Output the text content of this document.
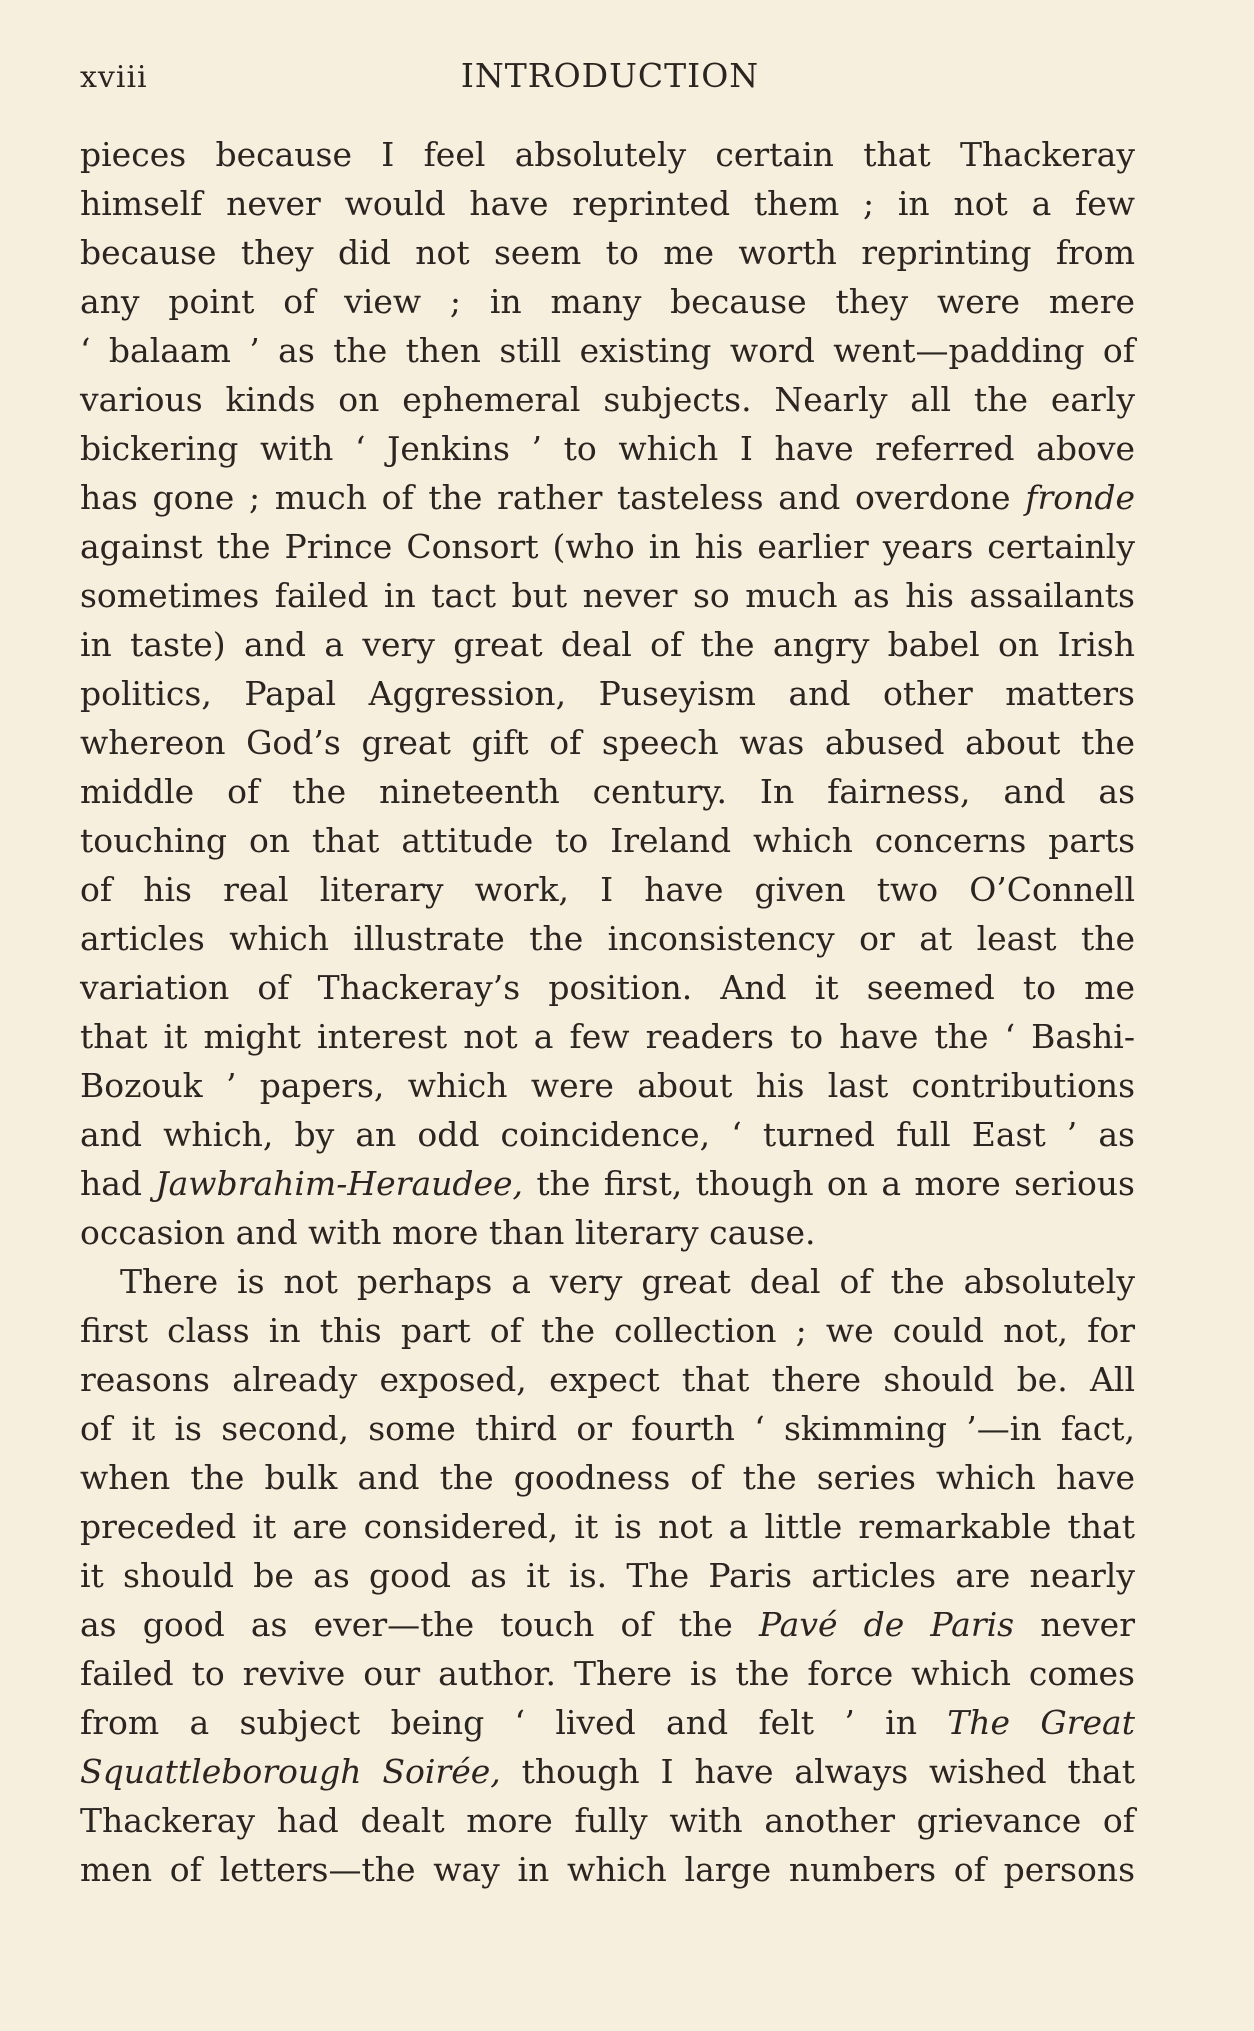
xviii	INTRODUCTION
pieces because I feel absolutely certain that Thackeray
himself never would have reprinted them ; in not a few
because they did not seem to me worth reprinting from
any point of view ; in many because they were mere
‘ balaam ’ as the then still existing word went—padding of
various kinds on ephemeral subjects. Nearly all the early
bickering with ‘ Jenkins ’ to which I have referred above
has gone ; much of the rather tasteless and overdone fronde
against the Prince Consort (who in his earlier years certainly
sometimes failed in tact but never so much as his assailants
in taste) and a very great deal of the angry babel on Irish
politics, Papal Aggression, Puseyism and other matters
whereon God’s great gift of speech was abused about the
middle of the nineteenth century. In fairness, and as
touching on that attitude to Ireland which concerns parts
of his real literary work, I have given two O’Connell
articles which illustrate the inconsistency or at least the
variation of Thackeray’s position. And it seemed to me
that it might interest not a few readers to have the ‘ Bashi-
Bozouk ’ papers, which were about his last contributions
and which, by an odd coincidence, ‘ turned full East ’ as
had Jawbrahim-Heraudee, the first, though on a more serious
occasion and with more than literary cause.
There is not perhaps a very great deal of the absolutely
first class in this part of the collection ; we could not, for
reasons already exposed, expect that there should be. All
of it is second, some third or fourth ‘ skimming ’—in fact,
when the bulk and the goodness of the series which have
preceded it are considered, it is not a little remarkable that
it should be as good as it is. The Paris articles are nearly
as good as ever—the touch of the Pavé de Paris never
failed to revive our author. There is the force which comes
from a subject being ‘ lived and felt ’ in The Great
Squattleborough Soirée, though I have always wished that
Thackeray had dealt more fully with another grievance of
men of letters—the way in which large numbers of persons
